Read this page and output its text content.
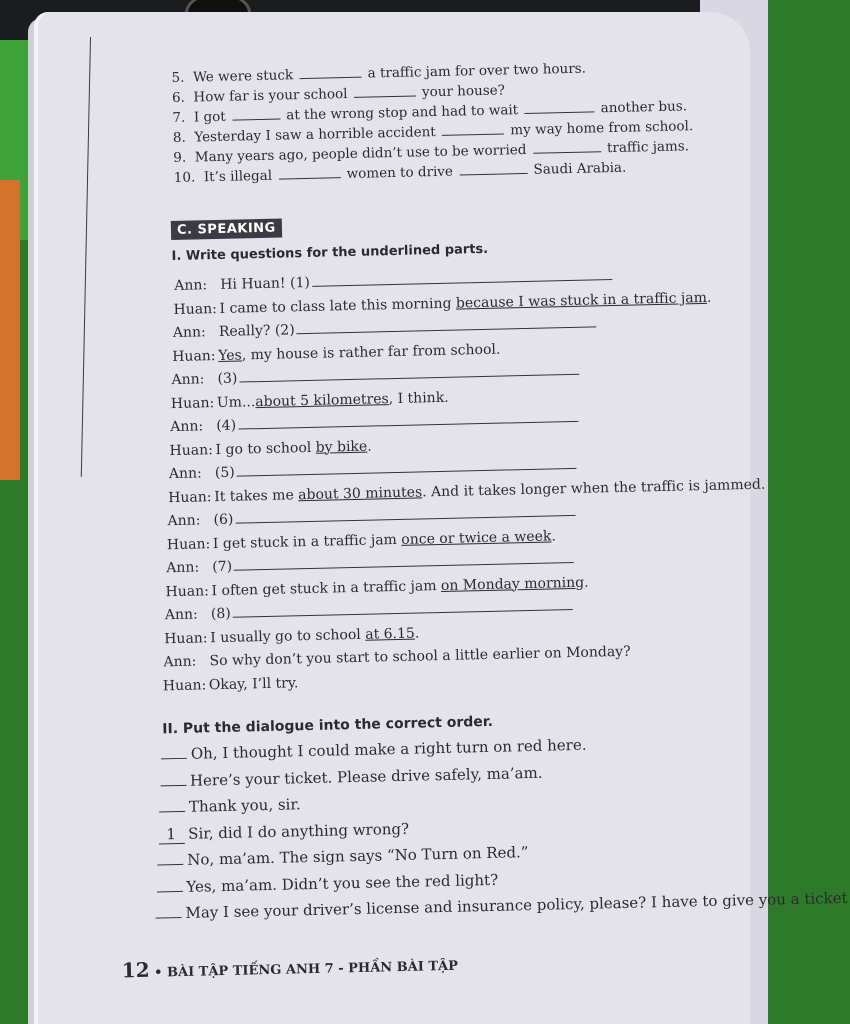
5. We were stuck	a traffic jam for over two hours.
6. How far is your school	your house?
7. I got	at the wrong stop and had to wait	another bus.
8. Yesterday I saw a horrible accident	my way home from school.
9. Many years ago, people didn’t use to be worried	traffic jams.
10. It’s illegal	women to drive	Saudi Arabia.
C. SPEAKING
I. Write questions for the underlined parts.
Ann: Hi Huan! (1)
Huan: I came to class late this morning because I was stuck in a traffic jam.
Ann: Really? (2)
Huan: Yes, my house is rather far from school.
Ann: (3)
Huan: Um...about 5 kilometres, I think.
Ann: (4)
Huan: I go to school by bike.
Ann: (5)
Huan: It takes me about 30 minutes. And it takes longer when the traffic is jammed.
Ann: (6)
Huan: I get stuck in a traffic jam once or twice a week.
Ann: (7)
Huan: I often get stuck in a traffic jam on Monday morning.
Ann: (8)
Huan: I usually go to school at 6.15.
Ann: So why don’t you start to school a little earlier on Monday?
Huan: Okay, I’ll try.
II. Put the dialogue into the correct order.
Oh, I thought I could make a right turn on red here.
Here’s your ticket. Please drive safely, ma’am.
Thank you, sir.
1 Sir, did I do anything wrong?
No, ma’am. The sign says “No Turn on Red.”
Yes, ma’am. Didn’t you see the red light?
May I see your driver’s license and insurance policy, please? I have to give you a ticket
12 • BÀI TẬP TIẾNG ANH 7 - PHẦN BÀI TẬP
